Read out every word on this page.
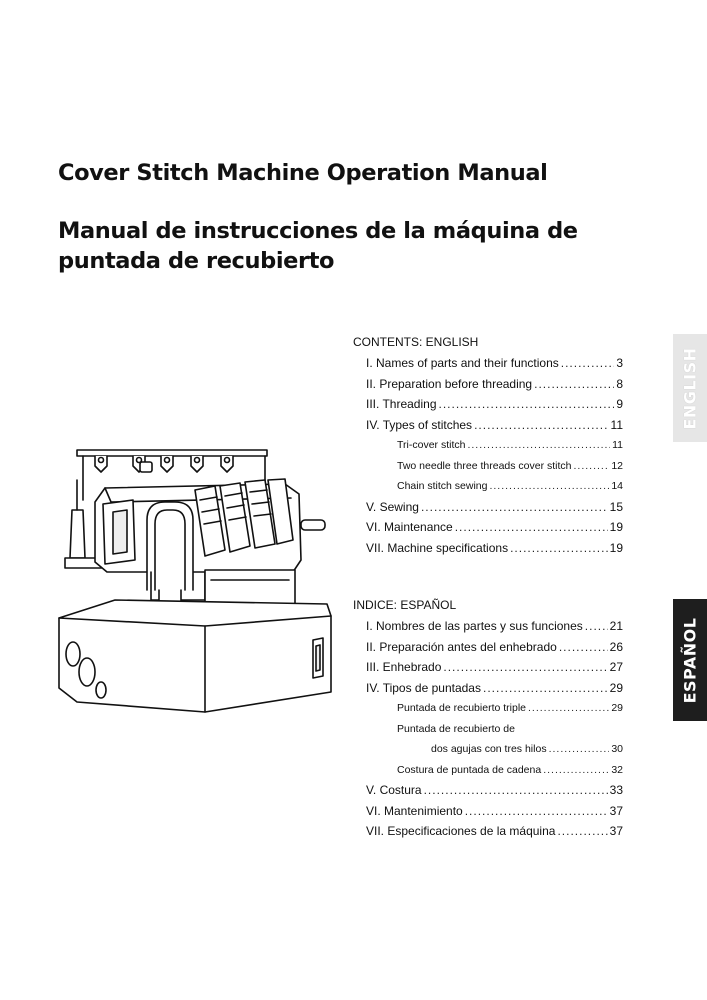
Cover Stitch Machine Operation Manual
Manual de instrucciones de la máquina de
puntada de recubierto
ENGLISH
ESPAÑOL
CONTENTS: ENGLISH
I. Names of parts and their functions .....	3
II. Preparation before threading .....	8
III. Threading .....	9
IV. Types of stitches .....	11
Tri-cover stitch .....	11
Two needle three threads cover stitch .....	12
Chain stitch sewing .....	14
V. Sewing .....	15
VI. Maintenance .....	19
VII. Machine specifications .....	19
INDICE: ESPAÑOL
I. Nombres de las partes y sus funciones ..... 21
II. Preparación antes del enhebrado .....	26
III. Enhebrado .....	27
IV. Tipos de puntadas .....	29
Puntada de recubierto triple .....	29
Puntada de recubierto de
dos agujas con tres hilos .....	30
Costura de puntada de cadena .....	32
V. Costura .....	33
VI. Mantenimiento .....	37
VII. Especificaciones de la máquina .....	37
